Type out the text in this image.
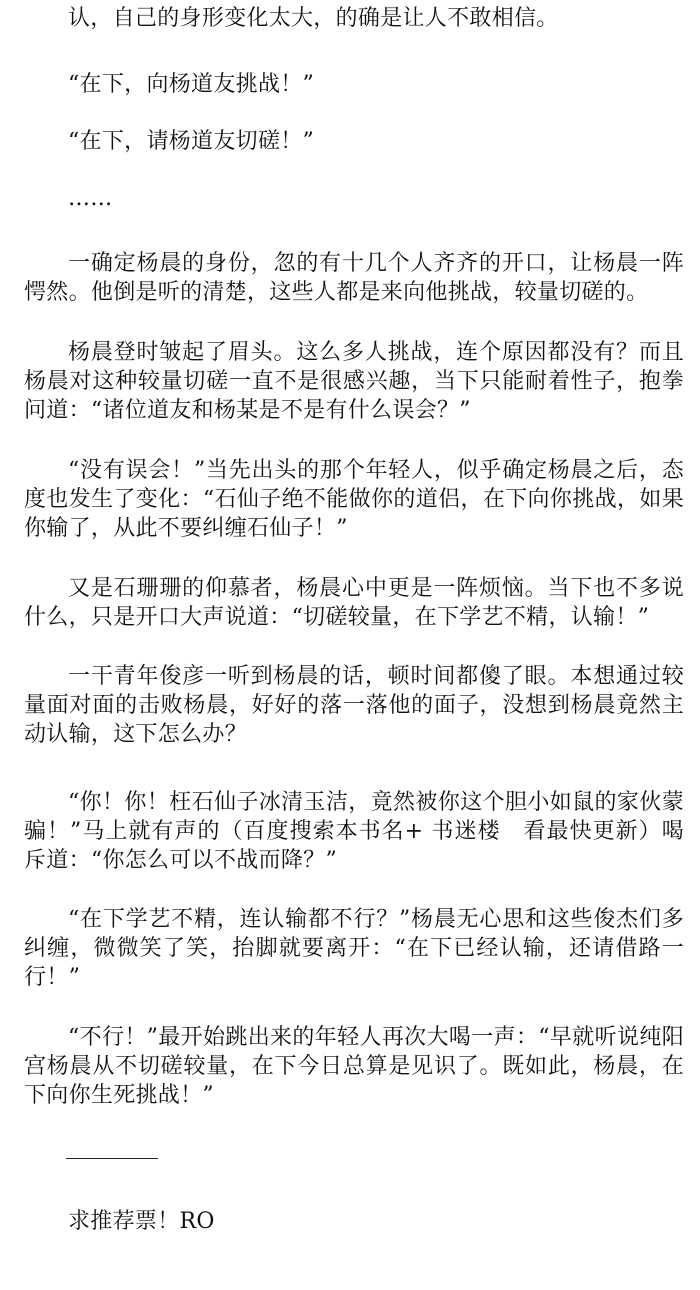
认，自己的身形变化太大，的确是让人不敢相信。

“在下，向杨道友挑战！”

“在下，请杨道友切磋！”

……

一确定杨晨的身份，忽的有十几个人齐齐的开口，让杨晨一阵愕然。他倒是听的清楚，这些人都是来向他挑战，较量切磋的。

杨晨登时皱起了眉头。这么多人挑战，连个原因都没有？而且杨晨对这种较量切磋一直不是很感兴趣，当下只能耐着性子，抱拳问道：“诸位道友和杨某是不是有什么误会？”

“没有误会！”当先出头的那个年轻人，似乎确定杨晨之后，态度也发生了变化：“石仙子绝不能做你的道侣，在下向你挑战，如果你输了，从此不要纠缠石仙子！”

又是石珊珊的仰慕者，杨晨心中更是一阵烦恼。当下也不多说什么，只是开口大声说道：“切磋较量，在下学艺不精，认输！”

一干青年俊彦一听到杨晨的话，顿时间都傻了眼。本想通过较量面对面的击败杨晨，好好的落一落他的面子，没想到杨晨竟然主动认输，这下怎么办？

“你！你！枉石仙子冰清玉洁，竟然被你这个胆小如鼠的家伙蒙骗！”马上就有声的（百度搜索本书名+ 书迷楼　看最快更新）喝斥道：“你怎么可以不战而降？”

“在下学艺不精，连认输都不行？”杨晨无心思和这些俊杰们多纠缠，微微笑了笑，抬脚就要离开：“在下已经认输，还请借路一行！”

“不行！”最开始跳出来的年轻人再次大喝一声：“早就听说纯阳宫杨晨从不切磋较量，在下今日总算是见识了。既如此，杨晨，在下向你生死挑战！”

求推荐票！RO
